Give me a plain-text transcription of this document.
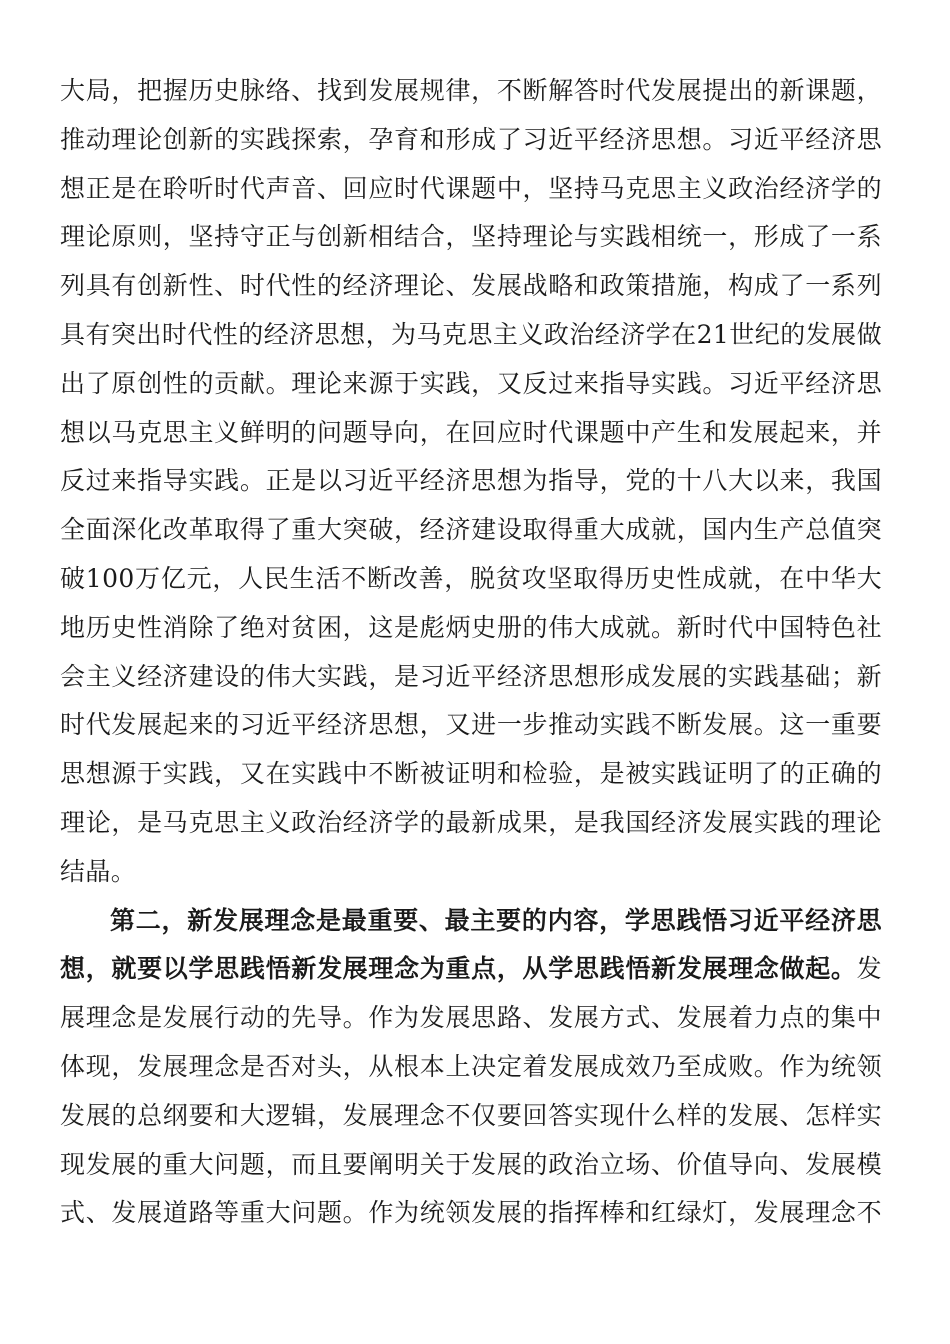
大局，把握历史脉络、找到发展规律，不断解答时代发展提出的新课题，
推动理论创新的实践探索，孕育和形成了习近平经济思想。习近平经济思
想正是在聆听时代声音、回应时代课题中，坚持马克思主义政治经济学的
理论原则，坚持守正与创新相结合，坚持理论与实践相统一，形成了一系
列具有创新性、时代性的经济理论、发展战略和政策措施，构成了一系列
具有突出时代性的经济思想，为马克思主义政治经济学在21世纪的发展做
出了原创性的贡献。理论来源于实践，又反过来指导实践。习近平经济思
想以马克思主义鲜明的问题导向，在回应时代课题中产生和发展起来，并
反过来指导实践。正是以习近平经济思想为指导，党的十八大以来，我国
全面深化改革取得了重大突破，经济建设取得重大成就，国内生产总值突
破100万亿元，人民生活不断改善，脱贫攻坚取得历史性成就，在中华大
地历史性消除了绝对贫困，这是彪炳史册的伟大成就。新时代中国特色社
会主义经济建设的伟大实践，是习近平经济思想形成发展的实践基础；新
时代发展起来的习近平经济思想，又进一步推动实践不断发展。这一重要
思想源于实践，又在实践中不断被证明和检验，是被实践证明了的正确的
理论，是马克思主义政治经济学的最新成果，是我国经济发展实践的理论
结晶。
第二，新发展理念是最重要、最主要的内容，学思践悟习近平经济思
想，就要以学思践悟新发展理念为重点，从学思践悟新发展理念做起。发
展理念是发展行动的先导。作为发展思路、发展方式、发展着力点的集中
体现，发展理念是否对头，从根本上决定着发展成效乃至成败。作为统领
发展的总纲要和大逻辑，发展理念不仅要回答实现什么样的发展、怎样实
现发展的重大问题，而且要阐明关于发展的政治立场、价值导向、发展模
式、发展道路等重大问题。作为统领发展的指挥棒和红绿灯，发展理念不
